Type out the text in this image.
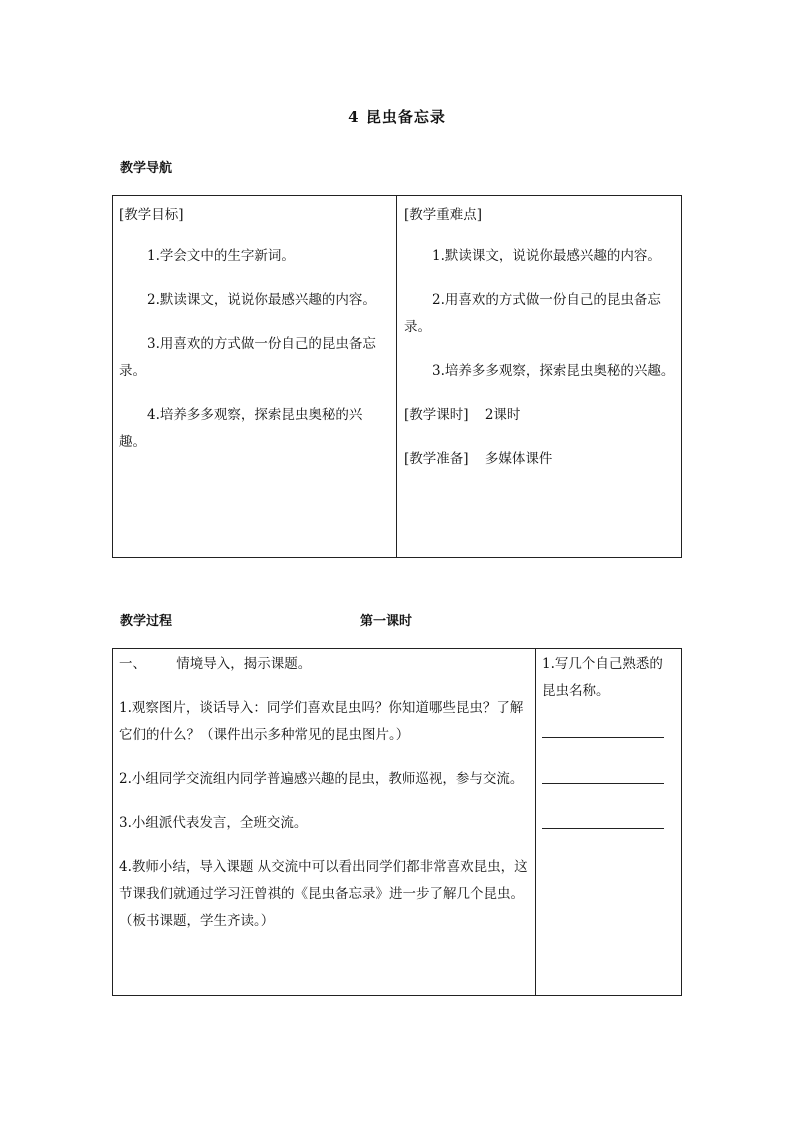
4 昆虫备忘录
教学导航

[教学目标]

1.学会文中的生字新词。

2.默读课文，说说你最感兴趣的内容。

3.用喜欢的方式做一份自己的昆虫备忘录。

4.培养多多观察，探索昆虫奥秘的兴趣。

[教学重难点]

1.默读课文，说说你最感兴趣的内容。

2.用喜欢的方式做一份自己的昆虫备忘录。

3.培养多多观察，探索昆虫奥秘的兴趣。

[教学课时] 2课时

[教学准备] 多媒体课件

教学过程	第一课时

一、 情境导入，揭示课题。

1.观察图片，谈话导入：同学们喜欢昆虫吗？你知道哪些昆虫？了解它们的什么？（课件出示多种常见的昆虫图片。）

2.小组同学交流组内同学普遍感兴趣的昆虫，教师巡视，参与交流。

3.小组派代表发言，全班交流。

4.教师小结，导入课题 从交流中可以看出同学们都非常喜欢昆虫，这节课我们就通过学习汪曾祺的《昆虫备忘录》进一步了解几个昆虫。（板书课题，学生齐读。）

1.写几个自己熟悉的昆虫名称。
